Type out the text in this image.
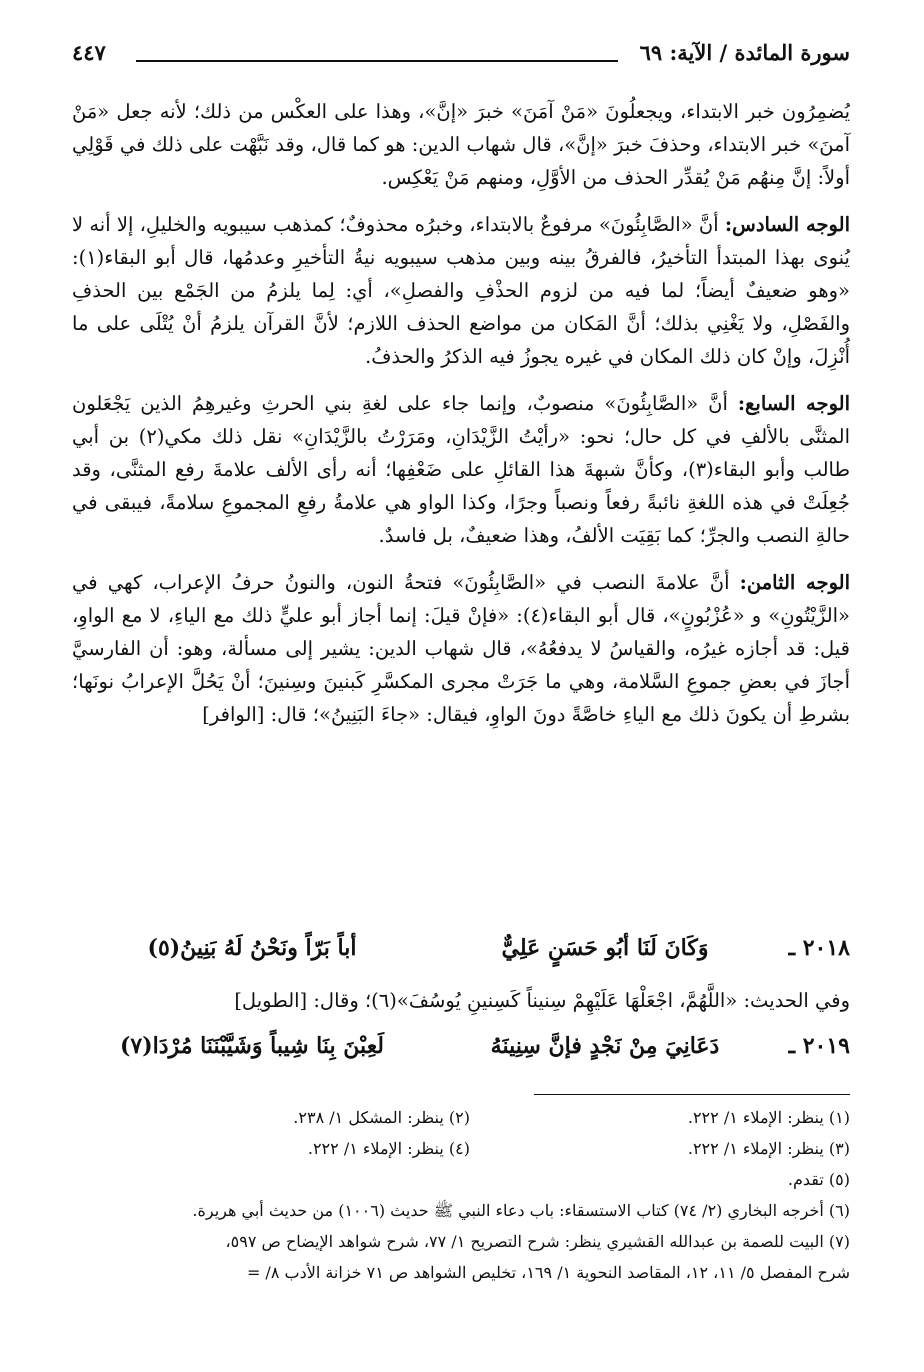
سورة المائدة / الآية: ٦٩
٤٤٧

يُضمِرُون خبر الابتداء، ويجعلُونَ «مَنْ آمَنَ» خبرَ «إنَّ»، وهذا على العكْس من ذلك؛ لأنه جعل «مَنْ آمنَ» خبر الابتداء، وحذفَ خبرَ «إنَّ»، قال شهاب الدين: هو كما قال، وقد نَبَّهْت على ذلك في قَوْلِي أولاً: إنَّ مِنهُم مَنْ يُقدِّر الحذف من الأوَّلِ، ومنهم مَنْ يَعْكِس.

الوجه السادس: أنَّ «الصَّابِئُونَ» مرفوعٌ بالابتداء، وخبرُه محذوفٌ؛ كمذهب سيبويه والخليلِ، إلا أنه لا يُنوى بهذا المبتدأ التأخيرُ، فالفرقُ بينه وبين مذهب سيبويه نيةُ التأخيرِ وعدمُها، قال أبو البقاء(١): «وهو ضعيفٌ أيضاً؛ لما فيه من لزوم الحذْفِ والفصلِ»، أي: لِما يلزمُ من الجَمْع بين الحذفِ والفَصْلِ، ولا يَغْنِي بذلك؛ أنَّ المَكان من مواضع الحذف اللازم؛ لأنَّ القرآن يلزمُ أنْ يُتْلَى على ما أُنْزِلَ، وإنْ كان ذلك المكان في غيره يجوزُ فيه الذكرُ والحذفُ.

الوجه السابع: أنَّ «الصَّابِئُونَ» منصوبٌ، وإنما جاء على لغةِ بني الحرثِ وغيرهِمُ الذين يَجْعَلون المثنَّى بالألفِ في كل حال؛ نحو: «رأيْتُ الزَّيْدَانِ، ومَرَرْتُ بالزَّيْدَانِ» نقل ذلك مكي(٢) بن أبي طالب وأبو البقاء(٣)، وكأنَّ شبهةَ هذا القائلِ على ضَعْفِها؛ أنه رأى الألف علامةَ رفع المثنَّى، وقد جُعِلَتْ في هذه اللغةِ نائبةً رفعاً ونصباً وجرًا، وكذا الواو هي علامةُ رفعِ المجموعِ سلامةً، فيبقى في حالةِ النصب والجرِّ؛ كما بَقِيَت الألفُ، وهذا ضعيفٌ، بل فاسدٌ.

الوجه الثامن: أنَّ علامةَ النصب في «الصَّابِئُونَ» فتحةُ النون، والنونُ حرفُ الإعراب، كهي في «الزَّيْتُونِ» و «عُزْبُونٍ»، قال أبو البقاء(٤): «فإنْ قيلَ: إنما أجاز أبو عليٍّ ذلك مع الياءِ، لا مع الواوِ، قيل: قد أجازه غيرُه، والقياسُ لا يدفعُهُ»، قال شهاب الدين: يشير إلى مسألة، وهو: أن الفارسيَّ أجازَ في بعضِ جموعِ السَّلامة، وهي ما جَرَتْ مجرى المكسَّرِ كَبنينَ وسِنينَ؛ أنْ يَحُلَّ الإعرابُ نونَها؛ بشرطِ أن يكونَ ذلك مع الياءِ خاصَّةً دونَ الواوِ، فيقال: «جاءَ البَنِينُ»؛ قال: [الوافر]

٢٠١٨ ـ
وَكَانَ لَنَا أبُو حَسَنٍ عَلِيٌّ
أباً بَرّاً ونَحْنُ لَهُ بَنِينُ(٥)
وفي الحديث: «اللَّهُمَّ، اجْعَلْهَا عَلَيْهِمْ سِنيناً كَسِنينِ يُوسُفَ»(٦)؛ وقال: [الطويل]
٢٠١٩ ـ
دَعَانِيَ مِنْ نَجْدٍ فإنَّ سِنِينَهُ
لَعِبْنَ بِنَا شِيباً وَشَيَّبْنَنَا مُرْدَا(٧)
(١) ينظر: الإملاء ١/ ٢٢٢.
(٢) ينظر: المشكل ١/ ٢٣٨.
(٣) ينظر: الإملاء ١/ ٢٢٢.
(٤) ينظر: الإملاء ١/ ٢٢٢.
(٥) تقدم.
(٦) أخرجه البخاري (٢/ ٧٤) كتاب الاستسقاء: باب دعاء النبي ﷺ حديث (١٠٠٦) من حديث أبي هريرة.
(٧) البيت للصمة بن عبدالله القشيري ينظر: شرح التصريح ١/ ٧٧، شرح شواهد الإيضاح ص ٥٩٧،
شرح المفصل ٥/ ١١، ١٢، المقاصد النحوية ١/ ١٦٩، تخليص الشواهد ص ٧١ خزانة الأدب ٨/ =
